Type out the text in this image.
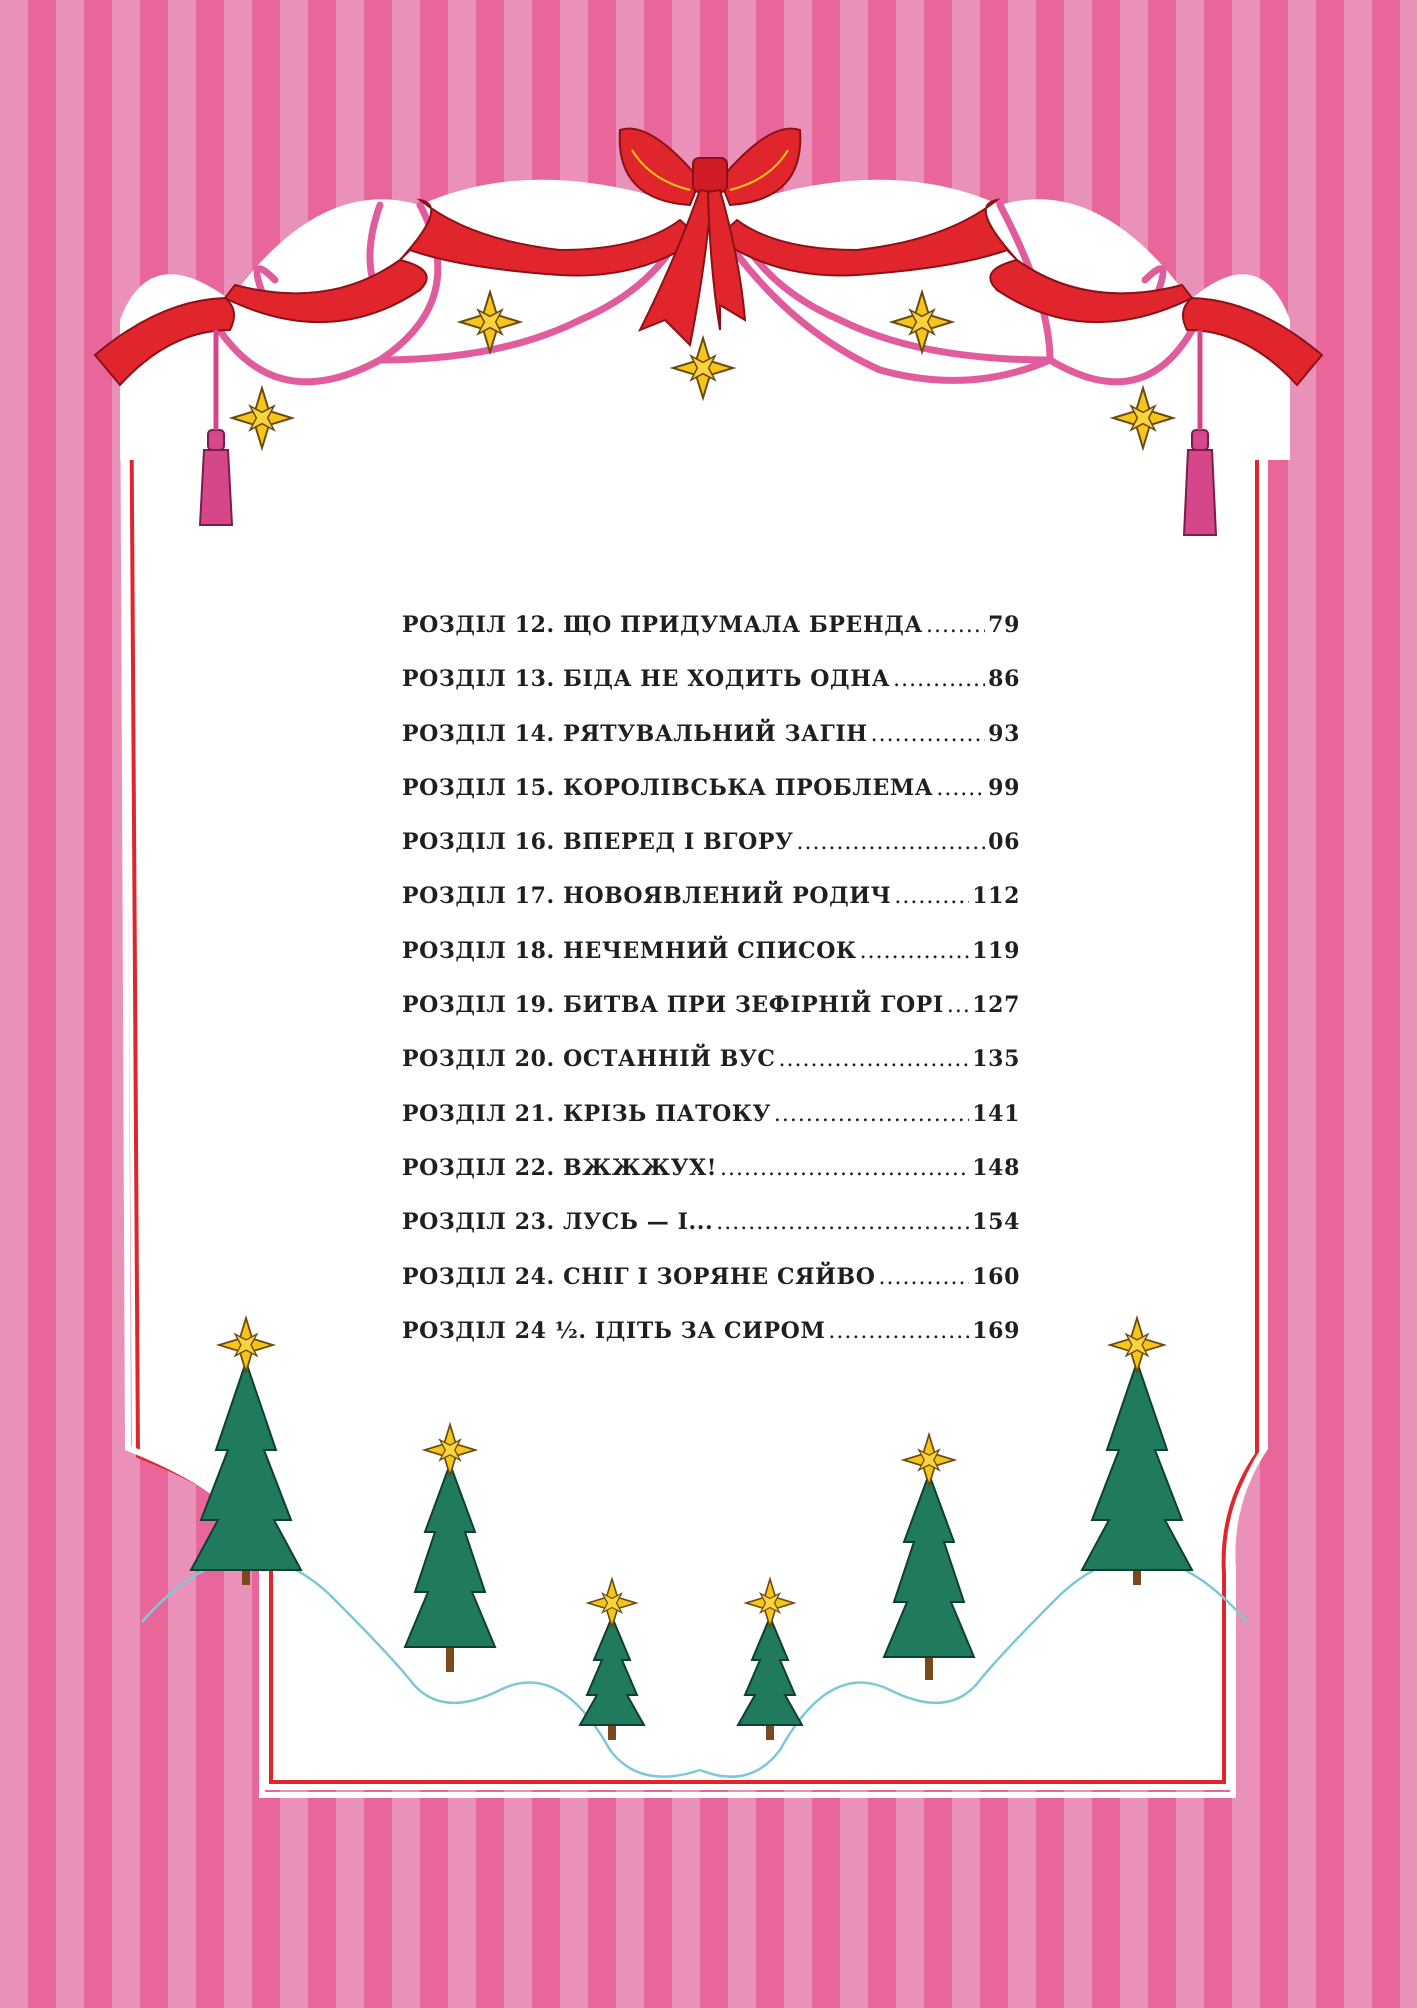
РОЗДІЛ 12. ЩО ПРИДУМАЛА БРЕНДА .....	79
РОЗДІЛ 13. БІДА НЕ ХОДИТЬ ОДНА .....	86
РОЗДІЛ 14. РЯТУВАЛЬНИЙ ЗАГІН .....	93
РОЗДІЛ 15. КОРОЛІВСЬКА ПРОБЛЕМА ..... 99
РОЗДІЛ 16. ВПЕРЕД І ВГОРУ .....	06
РОЗДІЛ 17. НОВОЯВЛЕНИЙ РОДИЧ .....	112
РОЗДІЛ 18. НЕЧЕМНИЙ СПИСОК .....	119
РОЗДІЛ 19. БИТВА ПРИ ЗЕФІРНІЙ ГОРІ ..... 127
РОЗДІЛ 20. ОСТАННІЙ ВУС .....	135
РОЗДІЛ 21. КРІЗЬ ПАТОКУ .....	141
РОЗДІЛ 22. ВЖЖЖУХ! .....	148
РОЗДІЛ 23. ЛУСЬ — І... .....	154
РОЗДІЛ 24. СНІГ І ЗОРЯНЕ СЯЙВО .....	160
РОЗДІЛ 24 ½. ІДІТЬ ЗА СИРОМ .....	169
